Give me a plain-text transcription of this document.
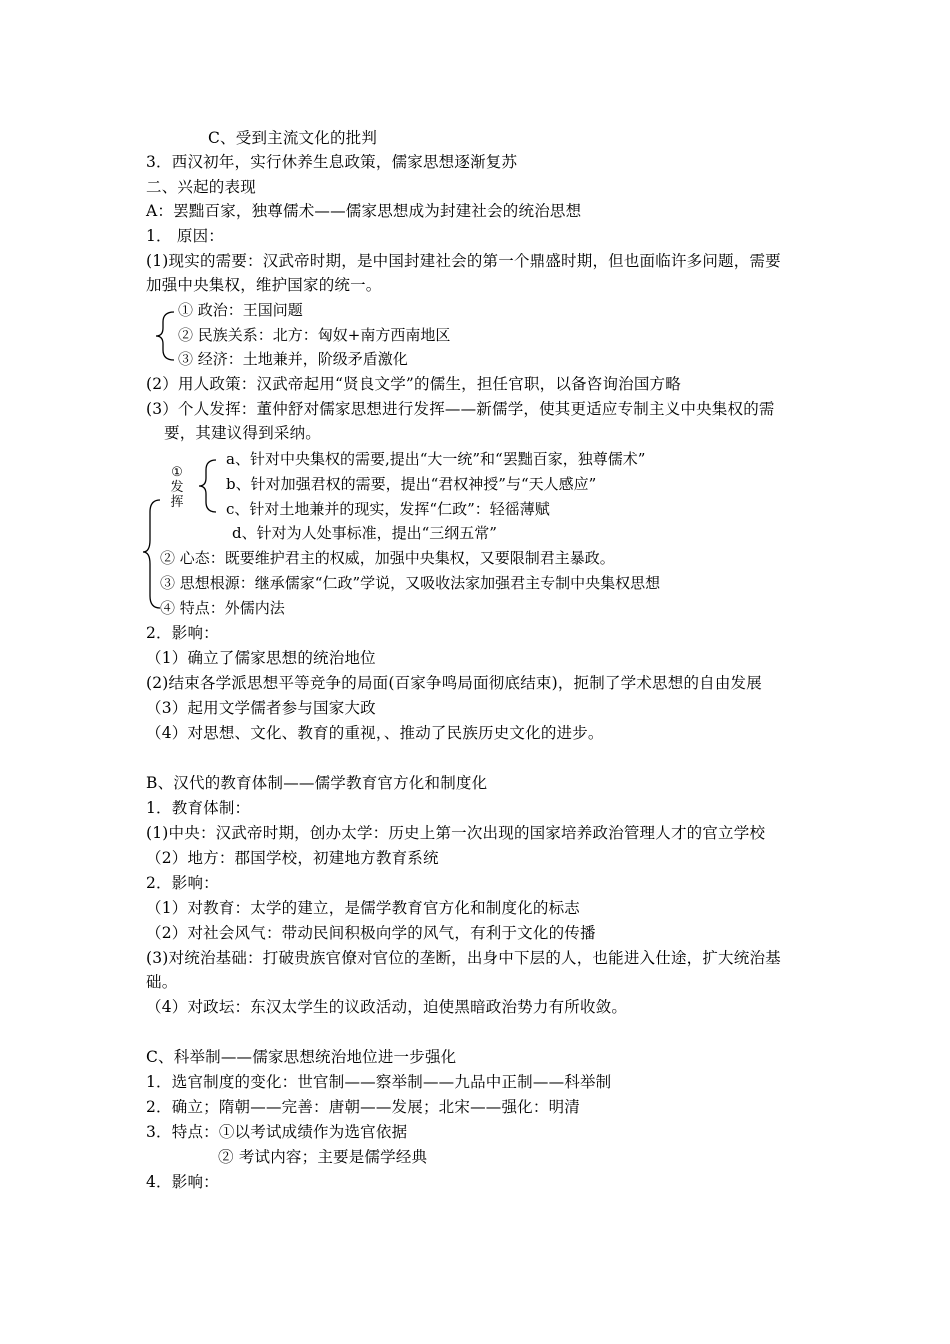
C、受到主流文化的批判
3．西汉初年，实行休养生息政策，儒家思想逐渐复苏
二、兴起的表现
A：罢黜百家，独尊儒术——儒家思想成为封建社会的统治思想
1． 原因：
(1)现实的需要：汉武帝时期，是中国封建社会的第一个鼎盛时期，但也面临许多问题，需要
加强中央集权，维护国家的统一。
① 政治：王国问题
② 民族关系：北方：匈奴+南方西南地区
③ 经济：土地兼并，阶级矛盾激化
(2）用人政策：汉武帝起用“贤良文学”的儒生，担任官职，以备咨询治国方略
(3）个人发挥：董仲舒对儒家思想进行发挥——新儒学，使其更适应专制主义中央集权的需
要，其建议得到采纳。
①
发
挥
a、针对中央集权的需要,提出“大一统”和“罢黜百家，独尊儒术”
b、针对加强君权的需要，提出“君权神授”与“天人感应”
c、针对土地兼并的现实，发挥“仁政”：轻徭薄赋
d、针对为人处事标准，提出“三纲五常”
② 心态：既要维护君主的权威，加强中央集权，又要限制君主暴政。
③ 思想根源：继承儒家“仁政”学说，又吸收法家加强君主专制中央集权思想
④ 特点：外儒内法
2．影响：
（1）确立了儒家思想的统治地位
(2)结束各学派思想平等竞争的局面(百家争鸣局面彻底结束)，扼制了学术思想的自由发展
（3）起用文学儒者参与国家大政
（4）对思想、文化、教育的重视，、推动了民族历史文化的进步。
B、汉代的教育体制——儒学教育官方化和制度化
1．教育体制：
(1)中央：汉武帝时期，创办太学：历史上第一次出现的国家培养政治管理人才的官立学校
（2）地方：郡国学校，初建地方教育系统
2．影响：
（1）对教育：太学的建立，是儒学教育官方化和制度化的标志
（2）对社会风气：带动民间积极向学的风气，有利于文化的传播
(3)对统治基础：打破贵族官僚对官位的垄断，出身中下层的人，也能进入仕途，扩大统治基
础。
（4）对政坛：东汉太学生的议政活动，迫使黑暗政治势力有所收敛。
C、科举制——儒家思想统治地位进一步强化
1．选官制度的变化：世官制——察举制——九品中正制——科举制
2．确立；隋朝——完善：唐朝——发展；北宋——强化：明清
3．特点：①以考试成绩作为选官依据
② 考试内容；主要是儒学经典
4．影响：
